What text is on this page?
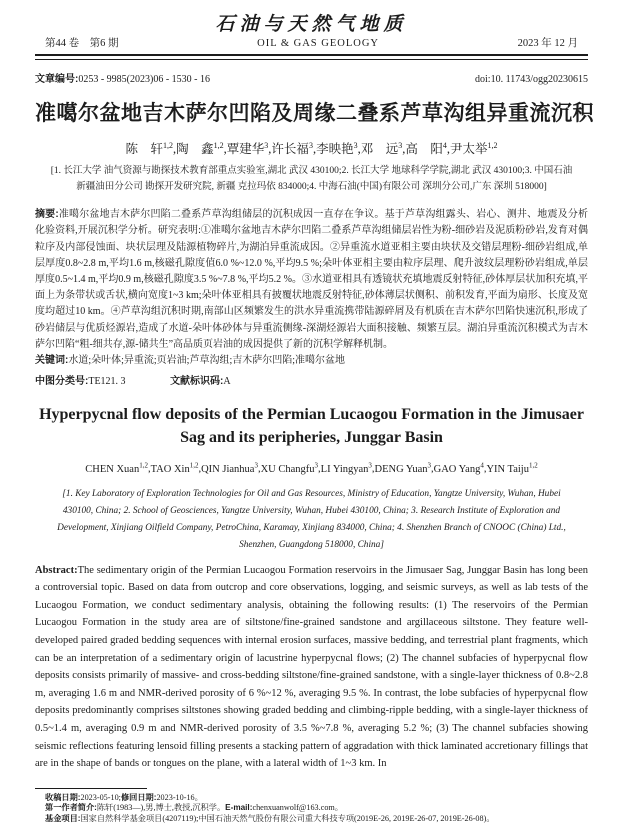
石油与天然气地质
第44 卷　第6 期	OIL & GAS GEOLOGY	2023 年 12 月
文章编号:0253 - 9985(2023)06 - 1530 - 16	doi:10. 11743/ogg20230615
准噶尔盆地吉木萨尔凹陷及周缘二叠系芦草沟组异重流沉积
陈　轩$^{1,2}$,陶　鑫$^{1,2}$,覃建华$^3$,许长福$^3$,李映艳$^3$,邓　远$^3$,高　阳$^4$,尹太举$^{1,2}$
[1. 长江大学 油气资源与勘探技术教育部重点实验室,湖北 武汉 430100;2. 长江大学 地球科学学院,湖北 武汉 430100;3. 中国石油
新疆油田分公司 勘探开发研究院, 新疆 克拉玛依 834000;4. 中海石油(中国)有限公司 深圳分公司,广东 深圳 518000]

摘要:准噶尔盆地吉木萨尔凹陷二叠系芦草沟组储层的沉积成因一直存在争议。基于芦草沟组露头、岩心、测井、地震及分析化验资料,开展沉积学分析。研究表明:①准噶尔盆地吉木萨尔凹陷二叠系芦草沟组储层岩性为粉-细砂岩及泥质粉砂岩,发育对偶粒序及内部侵蚀面、块状层理及陆源植物碎片,为湖泊异重流成因。②异重流水道亚相主要由块状及交错层理粉-细砂岩组成,单层厚度0.8~2.8 m,平均1.6 m,核磁孔隙度值6.0 %~12.0 %,平均9.5 %;朵叶体亚相主要由粒序层理、爬升波纹层理粉砂岩组成,单层厚度0.5~1.4 m,平均0.9 m,核磁孔隙度3.5 %~7.8 %,平均5.2 %。③水道亚相具有透镜状充填地震反射特征,砂体厚层状加积充填,平面上为条带状或舌状,横向宽度1~3 km;朵叶体亚相具有披覆状地震反射特征,砂体薄层状侧积、前积发育,平面为扇形、长度及宽度均超过10 km。④芦草沟组沉积时期,南部山区频繁发生的洪水异重流携带陆源碎屑及有机质在吉木萨尔凹陷快速沉积,形成了砂岩储层与优质烃源岩,造成了水道-朵叶体砂体与异重流侧缘-深湖烃源岩大面积接触、频繁互层。湖泊异重流沉积模式为吉木萨尔凹陷“粗-细共存,源-储共生”高品质页岩油的成因提供了新的沉积学解释机制。

关键词:水道;朵叶体;异重流;页岩油;芦草沟组;吉木萨尔凹陷;准噶尔盆地

中图分类号:TE121. 3	文献标识码:A

Hyperpycnal flow deposits of the Permian Lucaogou Formation in the Jimusaer
Sag and its peripheries, Junggar Basin
CHEN Xuan$^{1,2}$,TAO Xin$^{1,2}$,QIN Jianhua$^3$,XU Changfu$^3$,LI Yingyan$^3$,DENG Yuan$^3$,GAO Yang$^4$,YIN Taiju$^{1,2}$
[1. Key Laboratory of Exploration Technologies for Oil and Gas Resources, Ministry of Education, Yangtze University, Wuhan, Hubei
430100, China; 2. School of Geosciences, Yangtze University, Wuhan, Hubei 430100, China; 3. Research Institute of Exploration and
Development, Xinjiang Oilfield Company, PetroChina, Karamay, Xinjiang 834000, China; 4. Shenzhen Branch of CNOOC (China) Ltd.,
Shenzhen, Guangdong 518000, China]

Abstract:The sedimentary origin of the Permian Lucaogou Formation reservoirs in the Jimusaer Sag, Junggar Basin has long been a controversial topic. Based on data from outcrop and core observations, logging, and seismic surveys, as well as lab tests of the Lucaogou Formation, we conduct sedimentary analysis, obtaining the following results: (1) The reservoirs of the Permian Lucaogou Formation in the study area are of siltstone/fine-grained sandstone and argillaceous siltstone. They feature well-developed paired graded bedding sequences with internal erosion surfaces, massive bedding, and terrestrial plant fragments, which can be an interpretation of a sedimentary origin of lacustrine hyperpycnal flows; (2) The channel subfacies of hyperpycnal flow deposits consists primarily of massive- and cross-bedding siltstone/fine-grained sandstone, with a single-layer thickness of 0.8~2.8 m, averaging 1.6 m and NMR-derived porosity of 6 %~12 %, averaging 9.5 %. In contrast, the lobe subfacies of hyperpycnal flow deposits predominantly comprises siltstones showing graded bedding and climbing-ripple bedding, with a single-layer thickness of 0.5~1.4 m, averaging 0.9 m and NMR-derived porosity of 3.5 %~7.8 %, averaging 5.2 %; (3) The channel subfacies showing seismic reflections featuring lensoid filling presents a stacking pattern of aggradation with thick laminated accretionary fillings that are in the shape of bands or tongues on the plane, with a lateral width of 1~3 km. In

收稿日期:2023-05-10;修回日期:2023-10-16。

第一作者简介:陈轩(1983—),男,博士,教授,沉积学。E-mail:chenxuanwolf@163.com。

基金项目:国家自然科学基金项目(4207119);中国石油天然气股份有限公司重大科技专项(2019E-26, 2019E-26-07, 2019E-26-08)。
